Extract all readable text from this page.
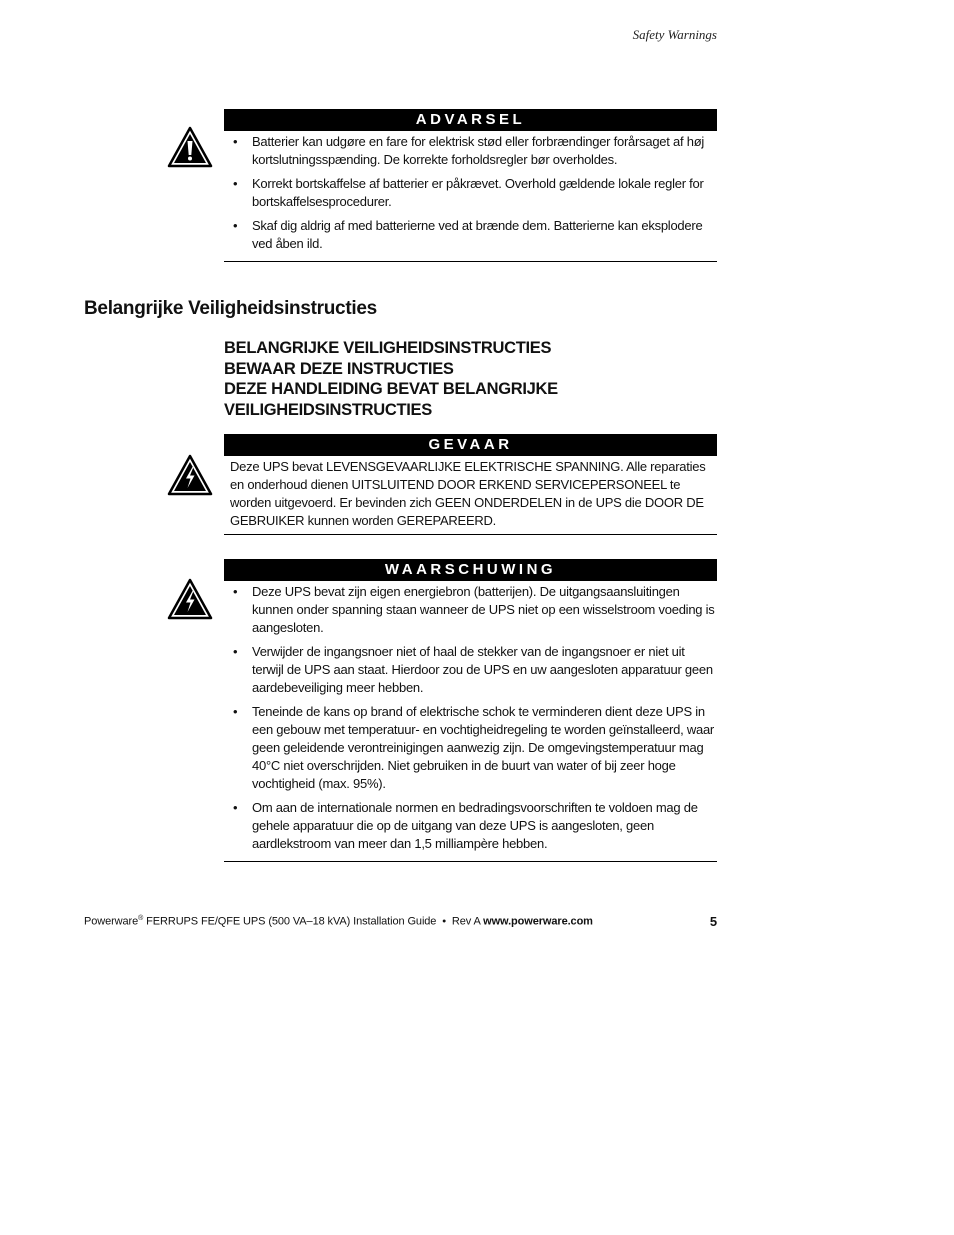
Safety Warnings
ADVARSEL
• Batterier kan udgøre en fare for elektrisk stød eller forbrændinger forårsaget af høj kortslutningsspænding. De korrekte forholdsregler bør overholdes.
• Korrekt bortskaffelse af batterier er påkrævet. Overhold gældende lokale regler for bortskaffelsesprocedurer.
• Skaf dig aldrig af med batterierne ved at brænde dem. Batterierne kan eksplodere ved åben ild.
Belangrijke Veiligheidsinstructies
BELANGRIJKE VEILIGHEIDSINSTRUCTIES
BEWAAR DEZE INSTRUCTIES
DEZE HANDLEIDING BEVAT BELANGRIJKE
VEILIGHEIDSINSTRUCTIES
GEVAAR
Deze UPS bevat LEVENSGEVAARLIJKE ELEKTRISCHE SPANNING. Alle reparaties en onderhoud dienen UITSLUITEND DOOR ERKEND SERVICEPERSONEEL te worden uitgevoerd. Er bevinden zich GEEN ONDERDELEN in de UPS die DOOR DE GEBRUIKER kunnen worden GEREPAREERD.
WAARSCHUWING
• Deze UPS bevat zijn eigen energiebron (batterijen). De uitgangsaansluitingen kunnen onder spanning staan wanneer de UPS niet op een wisselstroom voeding is aangesloten.
• Verwijder de ingangsnoer niet of haal de stekker van de ingangsnoer er niet uit terwijl de UPS aan staat. Hierdoor zou de UPS en uw aangesloten apparatuur geen aardebeveiliging meer hebben.
• Teneinde de kans op brand of elektrische schok te verminderen dient deze UPS in een gebouw met temperatuur- en vochtigheidregeling te worden geïnstalleerd, waar geen geleidende verontreinigingen aanwezig zijn. De omgevingstemperatuur mag 40°C niet overschrijden. Niet gebruiken in de buurt van water of bij zeer hoge vochtigheid (max. 95%).
• Om aan de internationale normen en bedradingsvoorschriften te voldoen mag de gehele apparatuur die op de uitgang van deze UPS is aangesloten, geen aardlekstroom van meer dan 1,5 milliampère hebben.
Powerware® FERRUPS FE/QFE UPS (500 VA–18 kVA) Installation Guide  •  Rev A www.powerware.com	5
